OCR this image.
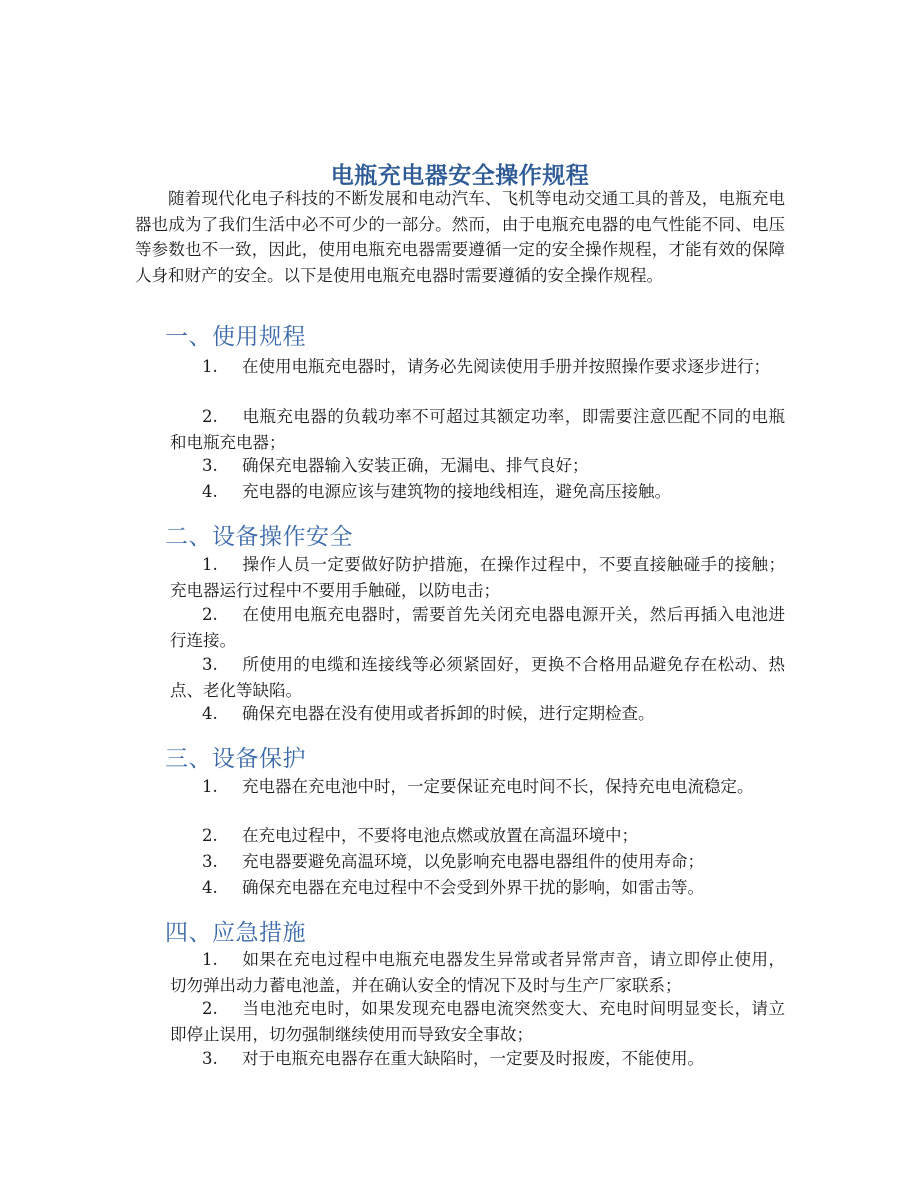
电瓶充电器安全操作规程

随着现代化电子科技的不断发展和电动汽车、飞机等电动交通工具的普及，电瓶充电器也成为了我们生活中必不可少的一部分。然而，由于电瓶充电器的电气性能不同、电压等参数也不一致，因此，使用电瓶充电器需要遵循一定的安全操作规程，才能有效的保障人身和财产的安全。以下是使用电瓶充电器时需要遵循的安全操作规程。

一、使用规程

1. 在使用电瓶充电器时，请务必先阅读使用手册并按照操作要求逐步进行；

2. 电瓶充电器的负载功率不可超过其额定功率，即需要注意匹配不同的电瓶和电瓶充电器；

3. 确保充电器输入安装正确，无漏电、排气良好；

4. 充电器的电源应该与建筑物的接地线相连，避免高压接触。

二、设备操作安全

1. 操作人员一定要做好防护措施，在操作过程中，不要直接触碰手的接触；充电器运行过程中不要用手触碰，以防电击；

2. 在使用电瓶充电器时，需要首先关闭充电器电源开关，然后再插入电池进行连接。

3. 所使用的电缆和连接线等必须紧固好，更换不合格用品避免存在松动、热点、老化等缺陷。

4. 确保充电器在没有使用或者拆卸的时候，进行定期检查。

三、设备保护

1. 充电器在充电池中时，一定要保证充电时间不长，保持充电电流稳定。

2. 在充电过程中，不要将电池点燃或放置在高温环境中；

3. 充电器要避免高温环境，以免影响充电器电器组件的使用寿命；

4. 确保充电器在充电过程中不会受到外界干扰的影响，如雷击等。

四、应急措施

1. 如果在充电过程中电瓶充电器发生异常或者异常声音，请立即停止使用，切勿弹出动力蓄电池盖，并在确认安全的情况下及时与生产厂家联系；

2. 当电池充电时，如果发现充电器电流突然变大、充电时间明显变长，请立即停止误用，切勿强制继续使用而导致安全事故；

3. 对于电瓶充电器存在重大缺陷时，一定要及时报废，不能使用。
